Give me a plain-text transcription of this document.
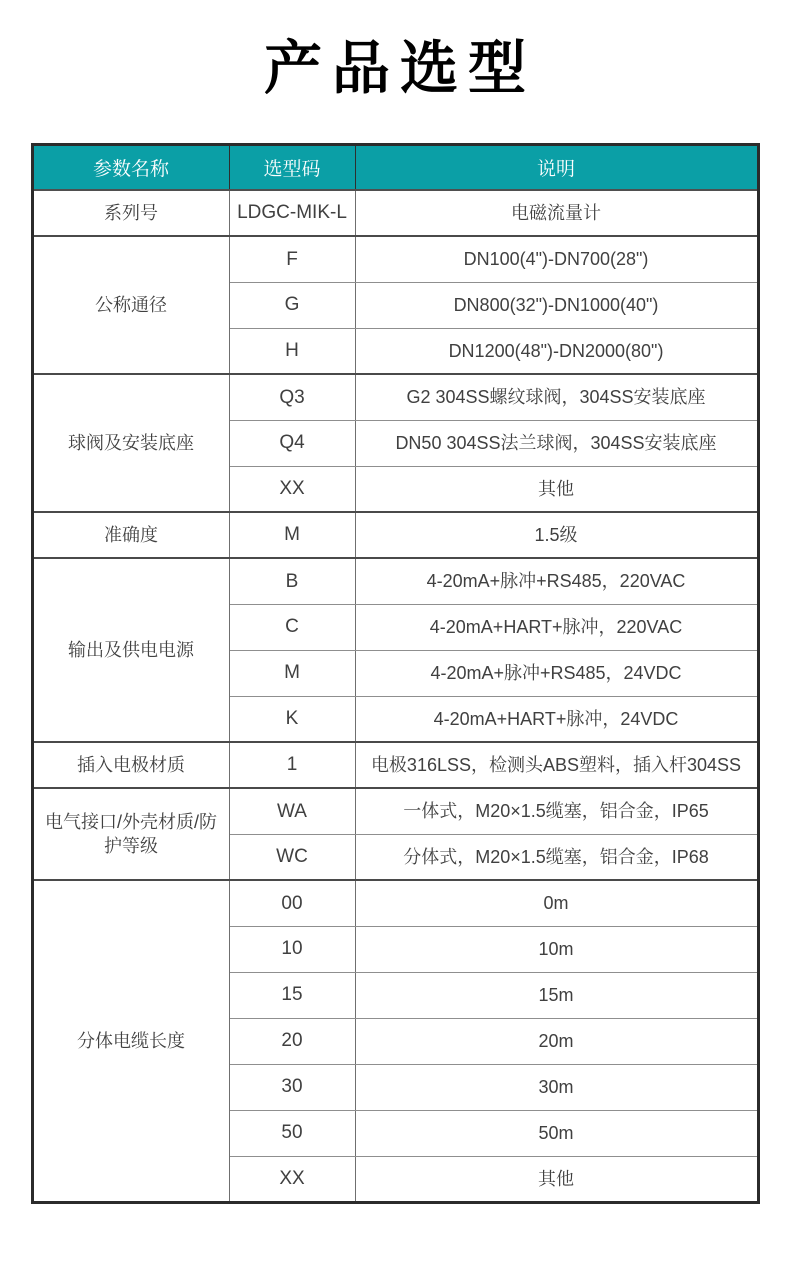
产品选型
参数名称	选型码	说明
系列号	LDGC-MIK-L	电磁流量计
公称通径	F	DN100(4")-DN700(28")
	G	DN800(32")-DN1000(40")
	H	DN1200(48")-DN2000(80")
球阀及安装底座	Q3	G2 304SS螺纹球阀，304SS安装底座
	Q4	DN50 304SS法兰球阀，304SS安装底座
	XX	其他
准确度	M	1.5级
输出及供电电源	B	4-20mA+脉冲+RS485，220VAC
	C	4-20mA+HART+脉冲，220VAC
	M	4-20mA+脉冲+RS485，24VDC
	K	4-20mA+HART+脉冲，24VDC
插入电极材质	1	电极316LSS，检测头ABS塑料，插入杆304SS
电气接口/外壳材质/防护等级	WA	一体式，M20×1.5缆塞，铝合金，IP65
	WC	分体式，M20×1.5缆塞，铝合金，IP68
分体电缆长度	00	0m
	10	10m
	15	15m
	20	20m
	30	30m
	50	50m
	XX	其他
